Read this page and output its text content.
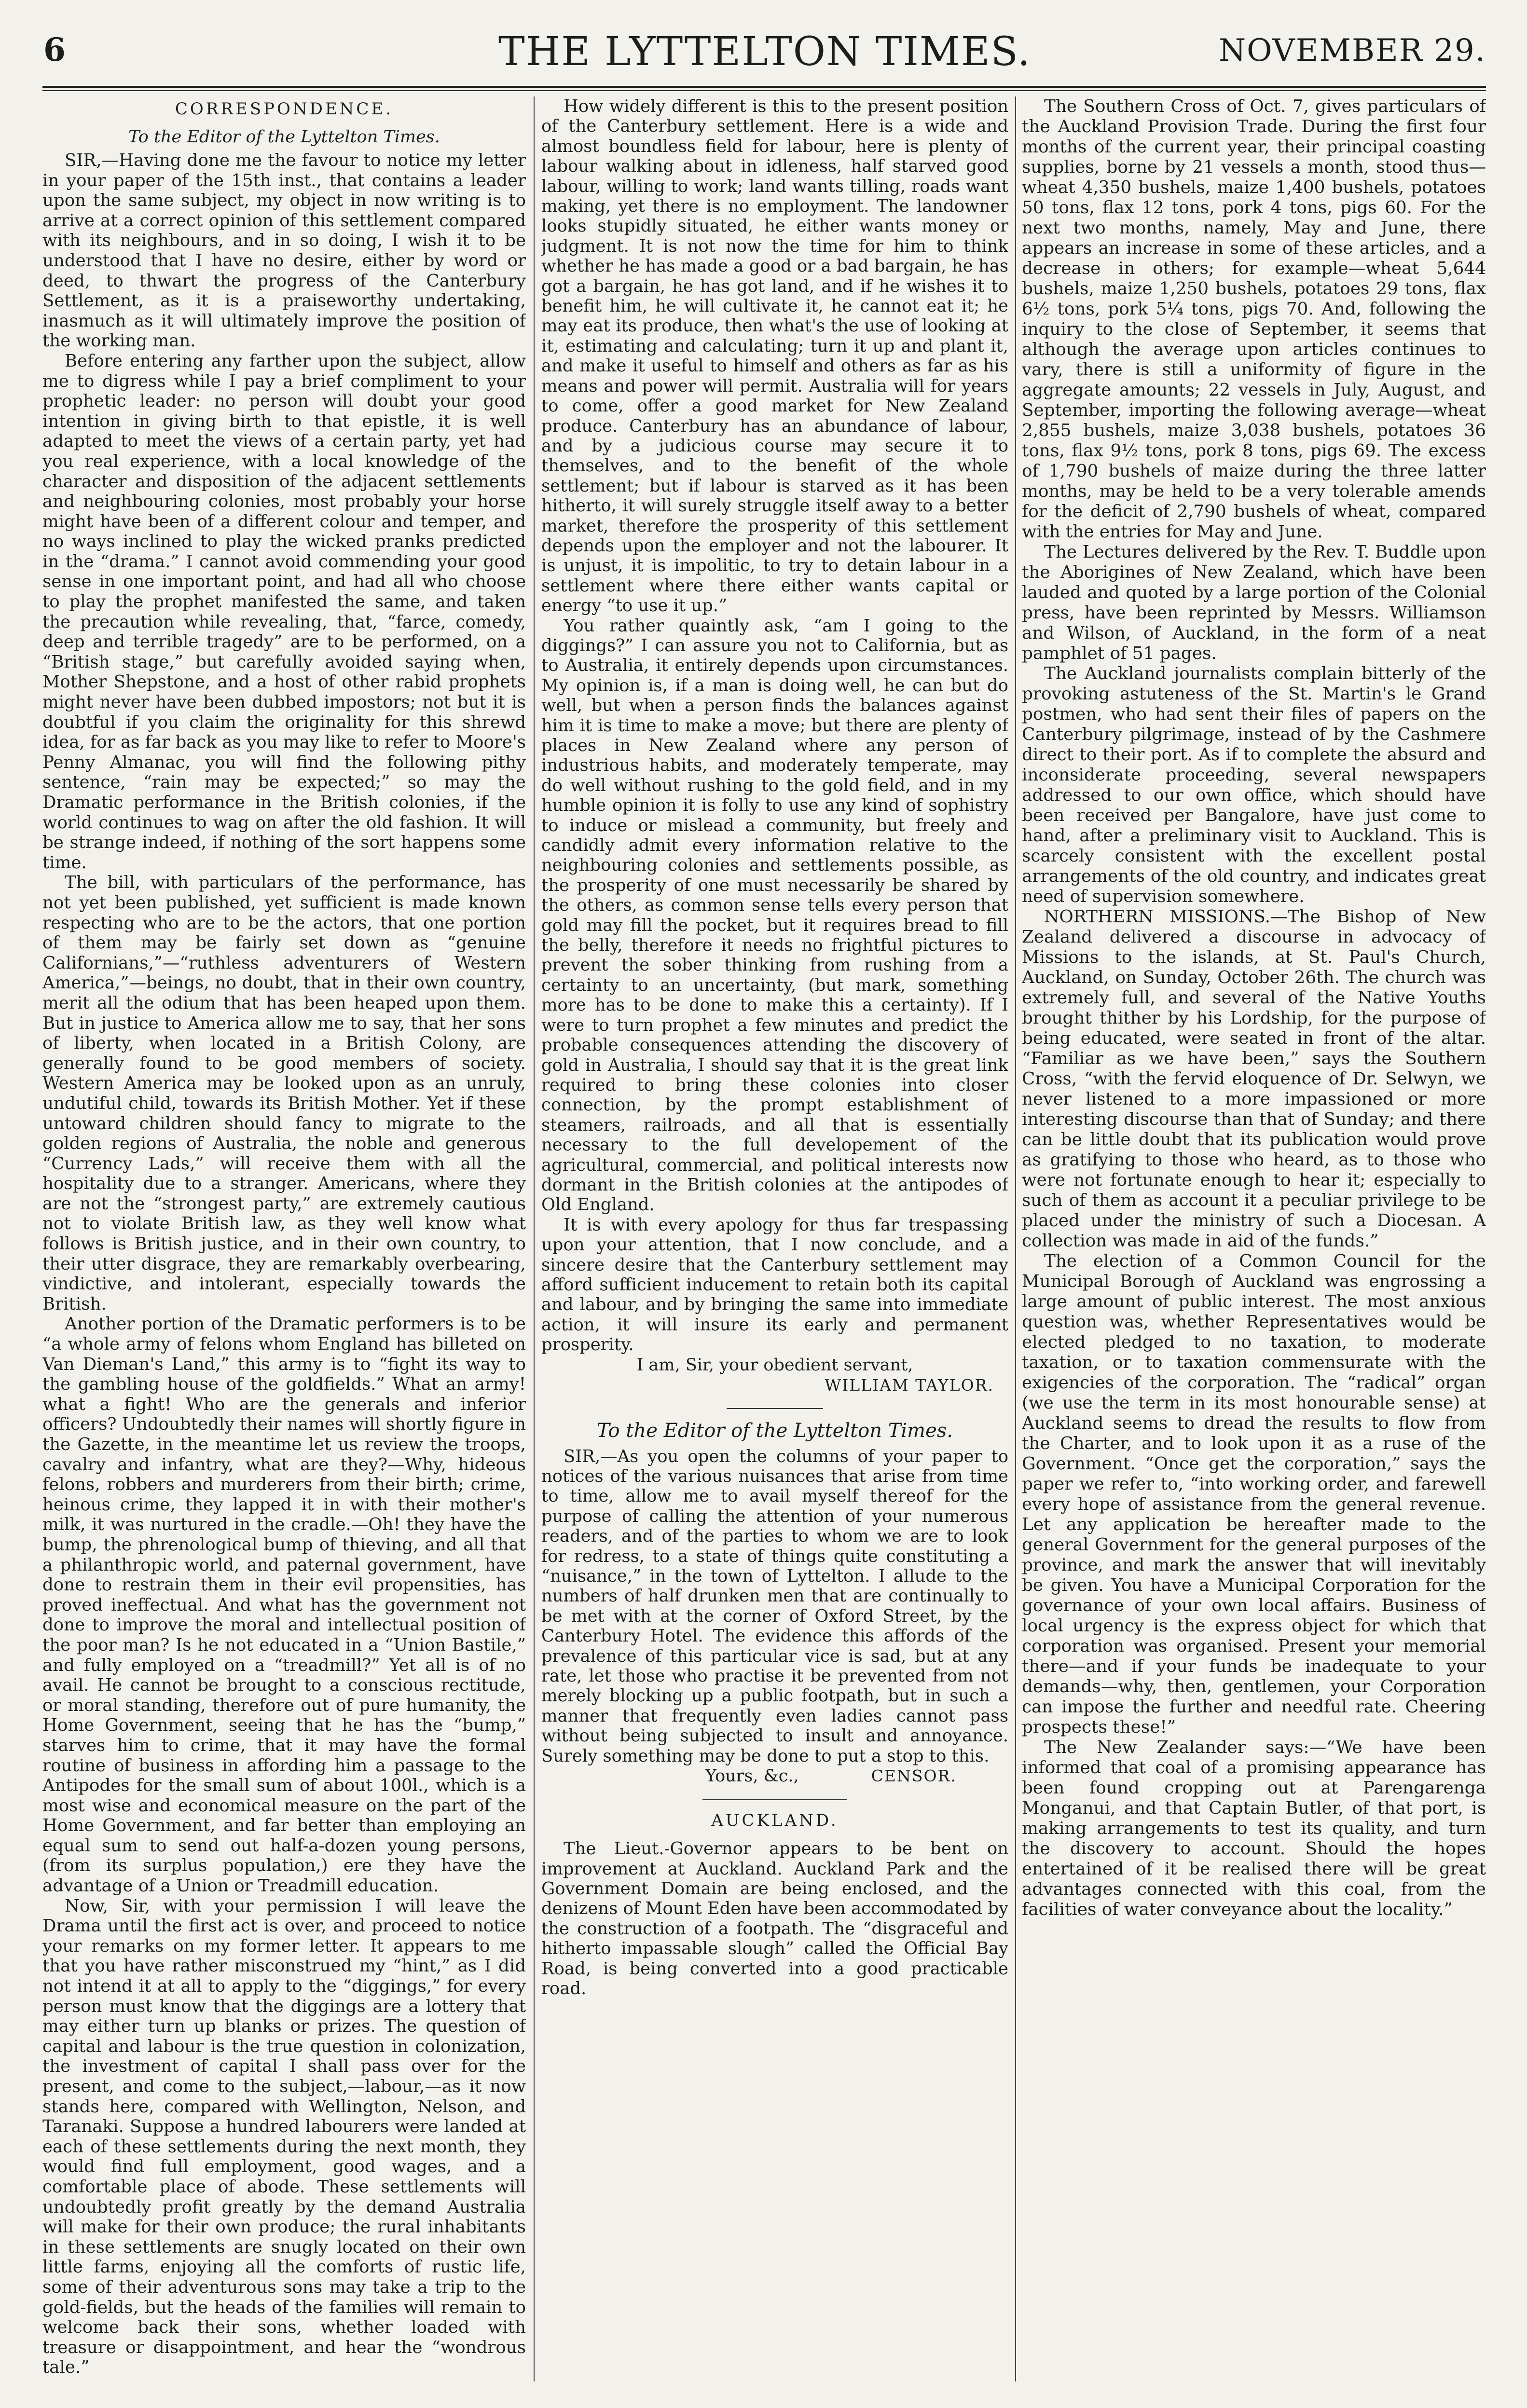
6	THE LYTTELTON TIMES.	NOVEMBER 29.
CORRESPONDENCE.
To the Editor of the Lyttelton Times.

SIR,—Having done me the favour to notice my letter in your paper of the 15th inst., that contains a leader upon the same subject, my object in now writing is to arrive at a correct opinion of this settlement compared with its neighbours, and in so doing, I wish it to be understood that I have no desire, either by word or deed, to thwart the progress of the Canterbury Settlement, as it is a praiseworthy undertaking, inasmuch as it will ultimately improve the position of the working man.

Before entering any farther upon the subject, allow me to digress while I pay a brief compliment to your prophetic leader: no person will doubt your good intention in giving birth to that epistle, it is well adapted to meet the views of a certain party, yet had you real experience, with a local knowledge of the character and disposition of the adjacent settlements and neighbouring colonies, most probably your horse might have been of a different colour and temper, and no ways inclined to play the wicked pranks predicted in the “drama.” I cannot avoid commending your good sense in one important point, and had all who choose to play the prophet manifested the same, and taken the precaution while revealing, that, “farce, comedy, deep and terrible tragedy” are to be performed, on a “British stage,” but carefully avoided saying when, Mother Shepstone, and a host of other rabid prophets might never have been dubbed impostors; not but it is doubtful if you claim the originality for this shrewd idea, for as far back as you may like to refer to Moore's Penny Almanac, you will find the following pithy sentence, “rain may be expected;” so may the Dramatic performance in the British colonies, if the world continues to wag on after the old fashion. It will be strange indeed, if nothing of the sort happens some time.

The bill, with particulars of the performance, has not yet been published, yet sufficient is made known respecting who are to be the actors, that one portion of them may be fairly set down as “genuine Californians,”—“ruthless adventurers of Western America,”—beings, no doubt, that in their own country, merit all the odium that has been heaped upon them. But in justice to America allow me to say, that her sons of liberty, when located in a British Colony, are generally found to be good members of society. Western America may be looked upon as an unruly, undutiful child, towards its British Mother. Yet if these untoward children should fancy to migrate to the golden regions of Australia, the noble and generous “Currency Lads,” will receive them with all the hospitality due to a stranger. Americans, where they are not the “strongest party,” are extremely cautious not to violate British law, as they well know what follows is British justice, and in their own country, to their utter disgrace, they are remarkably overbearing, vindictive, and intolerant, especially towards the British.

Another portion of the Dramatic performers is to be “a whole army of felons whom England has billeted on Van Dieman's Land,” this army is to “fight its way to the gambling house of the goldfields.” What an army! what a fight! Who are the generals and inferior officers? Undoubtedly their names will shortly figure in the Gazette, in the meantime let us review the troops, cavalry and infantry, what are they?—Why, hideous felons, robbers and murderers from their birth; crime, heinous crime, they lapped it in with their mother's milk, it was nurtured in the cradle.—Oh! they have the bump, the phrenological bump of thieving, and all that a philanthropic world, and paternal government, have done to restrain them in their evil propensities, has proved ineffectual. And what has the government not done to improve the moral and intellectual position of the poor man? Is he not educated in a “Union Bastile,” and fully employed on a “treadmill?” Yet all is of no avail. He cannot be brought to a conscious rectitude, or moral standing, therefore out of pure humanity, the Home Government, seeing that he has the “bump,” starves him to crime, that it may have the formal routine of business in affording him a passage to the Antipodes for the small sum of about 100l., which is a most wise and economical measure on the part of the Home Government, and far better than employing an equal sum to send out half-a-dozen young persons, (from its surplus population,) ere they have the advantage of a Union or Treadmill education.

Now, Sir, with your permission I will leave the Drama until the first act is over, and proceed to notice your remarks on my former letter. It appears to me that you have rather misconstrued my “hint,” as I did not intend it at all to apply to the “diggings,” for every person must know that the diggings are a lottery that may either turn up blanks or prizes. The question of capital and labour is the true question in colonization, the investment of capital I shall pass over for the present, and come to the subject,—labour,—as it now stands here, compared with Wellington, Nelson, and Taranaki. Suppose a hundred labourers were landed at each of these settlements during the next month, they would find full employment, good wages, and a comfortable place of abode. These settlements will undoubtedly profit greatly by the demand Australia will make for their own produce; the rural inhabitants in these settlements are snugly located on their own little farms, enjoying all the comforts of rustic life, some of their adventurous sons may take a trip to the gold-fields, but the heads of the families will remain to welcome back their sons, whether loaded with treasure or disappointment, and hear the “wondrous tale.”

How widely different is this to the present position of the Canterbury settlement. Here is a wide and almost boundless field for labour, here is plenty of labour walking about in idleness, half starved good labour, willing to work; land wants tilling, roads want making, yet there is no employment. The landowner looks stupidly situated, he either wants money or judgment. It is not now the time for him to think whether he has made a good or a bad bargain, he has got a bargain, he has got land, and if he wishes it to benefit him, he will cultivate it, he cannot eat it; he may eat its produce, then what's the use of looking at it, estimating and calculating; turn it up and plant it, and make it useful to himself and others as far as his means and power will permit. Australia will for years to come, offer a good market for New Zealand produce. Canterbury has an abundance of labour, and by a judicious course may secure it to themselves, and to the benefit of the whole settlement; but if labour is starved as it has been hitherto, it will surely struggle itself away to a better market, therefore the prosperity of this settlement depends upon the employer and not the labourer. It is unjust, it is impolitic, to try to detain labour in a settlement where there either wants capital or energy “to use it up.”

You rather quaintly ask, “am I going to the diggings?” I can assure you not to California, but as to Australia, it entirely depends upon circumstances. My opinion is, if a man is doing well, he can but do well, but when a person finds the balances against him it is time to make a move; but there are plenty of places in New Zealand where any person of industrious habits, and moderately temperate, may do well without rushing to the gold field, and in my humble opinion it is folly to use any kind of sophistry to induce or mislead a community, but freely and candidly admit every information relative to the neighbouring colonies and settlements possible, as the prosperity of one must necessarily be shared by the others, as common sense tells every person that gold may fill the pocket, but it requires bread to fill the belly, therefore it needs no frightful pictures to prevent the sober thinking from rushing from a certainty to an uncertainty, (but mark, something more has to be done to make this a certainty). If I were to turn prophet a few minutes and predict the probable consequences attending the discovery of gold in Australia, I should say that it is the great link required to bring these colonies into closer connection, by the prompt establishment of steamers, railroads, and all that is essentially necessary to the full developement of the agricultural, commercial, and political interests now dormant in the British colonies at the antipodes of Old England.

It is with every apology for thus far trespassing upon your attention, that I now conclude, and a sincere desire that the Canterbury settlement may afford sufficient inducement to retain both its capital and labour, and by bringing the same into immediate action, it will insure its early and permanent prosperity.

I am, Sir, your obedient servant,
WILLIAM TAYLOR.
To the Editor of the Lyttelton Times.

SIR,—As you open the columns of your paper to notices of the various nuisances that arise from time to time, allow me to avail myself thereof for the purpose of calling the attention of your numerous readers, and of the parties to whom we are to look for redress, to a state of things quite constituting a “nuisance,” in the town of Lyttelton. I allude to the numbers of half drunken men that are continually to be met with at the corner of Oxford Street, by the Canterbury Hotel. The evidence this affords of the prevalence of this particular vice is sad, but at any rate, let those who practise it be prevented from not merely blocking up a public footpath, but in such a manner that frequently even ladies cannot pass without being subjected to insult and annoyance. Surely something may be done to put a stop to this.

Yours, &c.,	CENSOR.
AUCKLAND.

The Lieut.-Governor appears to be bent on improvement at Auckland. Auckland Park and the Government Domain are being enclosed, and the denizens of Mount Eden have been accommodated by the construction of a footpath. The “disgraceful and hitherto impassable slough” called the Official Bay Road, is being converted into a good practicable road.

The Southern Cross of Oct. 7, gives particulars of the Auckland Provision Trade. During the first four months of the current year, their principal coasting supplies, borne by 21 vessels a month, stood thus—wheat 4,350 bushels, maize 1,400 bushels, potatoes 50 tons, flax 12 tons, pork 4 tons, pigs 60. For the next two months, namely, May and June, there appears an increase in some of these articles, and a decrease in others; for example—wheat 5,644 bushels, maize 1,250 bushels, potatoes 29 tons, flax 6½ tons, pork 5¼ tons, pigs 70. And, following the inquiry to the close of September, it seems that although the average upon articles continues to vary, there is still a uniformity of figure in the aggregate amounts; 22 vessels in July, August, and September, importing the following average—wheat 2,855 bushels, maize 3,038 bushels, potatoes 36 tons, flax 9½ tons, pork 8 tons, pigs 69. The excess of 1,790 bushels of maize during the three latter months, may be held to be a very tolerable amends for the deficit of 2,790 bushels of wheat, compared with the entries for May and June.

The Lectures delivered by the Rev. T. Buddle upon the Aborigines of New Zealand, which have been lauded and quoted by a large portion of the Colonial press, have been reprinted by Messrs. Williamson and Wilson, of Auckland, in the form of a neat pamphlet of 51 pages.

The Auckland journalists complain bitterly of the provoking astuteness of the St. Martin's le Grand postmen, who had sent their files of papers on the Canterbury pilgrimage, instead of by the Cashmere direct to their port. As if to complete the absurd and inconsiderate proceeding, several newspapers addressed to our own office, which should have been received per Bangalore, have just come to hand, after a preliminary visit to Auckland. This is scarcely consistent with the excellent postal arrangements of the old country, and indicates great need of supervision somewhere.

NORTHERN MISSIONS.—The Bishop of New Zealand delivered a discourse in advocacy of Missions to the islands, at St. Paul's Church, Auckland, on Sunday, October 26th. The church was extremely full, and several of the Native Youths brought thither by his Lordship, for the purpose of being educated, were seated in front of the altar. “Familiar as we have been,” says the Southern Cross, “with the fervid eloquence of Dr. Selwyn, we never listened to a more impassioned or more interesting discourse than that of Sunday; and there can be little doubt that its publication would prove as gratifying to those who heard, as to those who were not fortunate enough to hear it; especially to such of them as account it a peculiar privilege to be placed under the ministry of such a Diocesan. A collection was made in aid of the funds.”

The election of a Common Council for the Municipal Borough of Auckland was engrossing a large amount of public interest. The most anxious question was, whether Representatives would be elected pledged to no taxation, to moderate taxation, or to taxation commensurate with the exigencies of the corporation. The “radical” organ (we use the term in its most honourable sense) at Auckland seems to dread the results to flow from the Charter, and to look upon it as a ruse of the Government. “Once get the corporation,” says the paper we refer to, “into working order, and farewell every hope of assistance from the general revenue. Let any application be hereafter made to the general Government for the general purposes of the province, and mark the answer that will inevitably be given. You have a Municipal Corporation for the governance of your own local affairs. Business of local urgency is the express object for which that corporation was organised. Present your memorial there—and if your funds be inadequate to your demands—why, then, gentlemen, your Corporation can impose the further and needful rate. Cheering prospects these!”

The New Zealander says:—“We have been informed that coal of a promising appearance has been found cropping out at Parengarenga Monganui, and that Captain Butler, of that port, is making arrangements to test its quality, and turn the discovery to account. Should the hopes entertained of it be realised there will be great advantages connected with this coal, from the facilities of water conveyance about the locality.”
